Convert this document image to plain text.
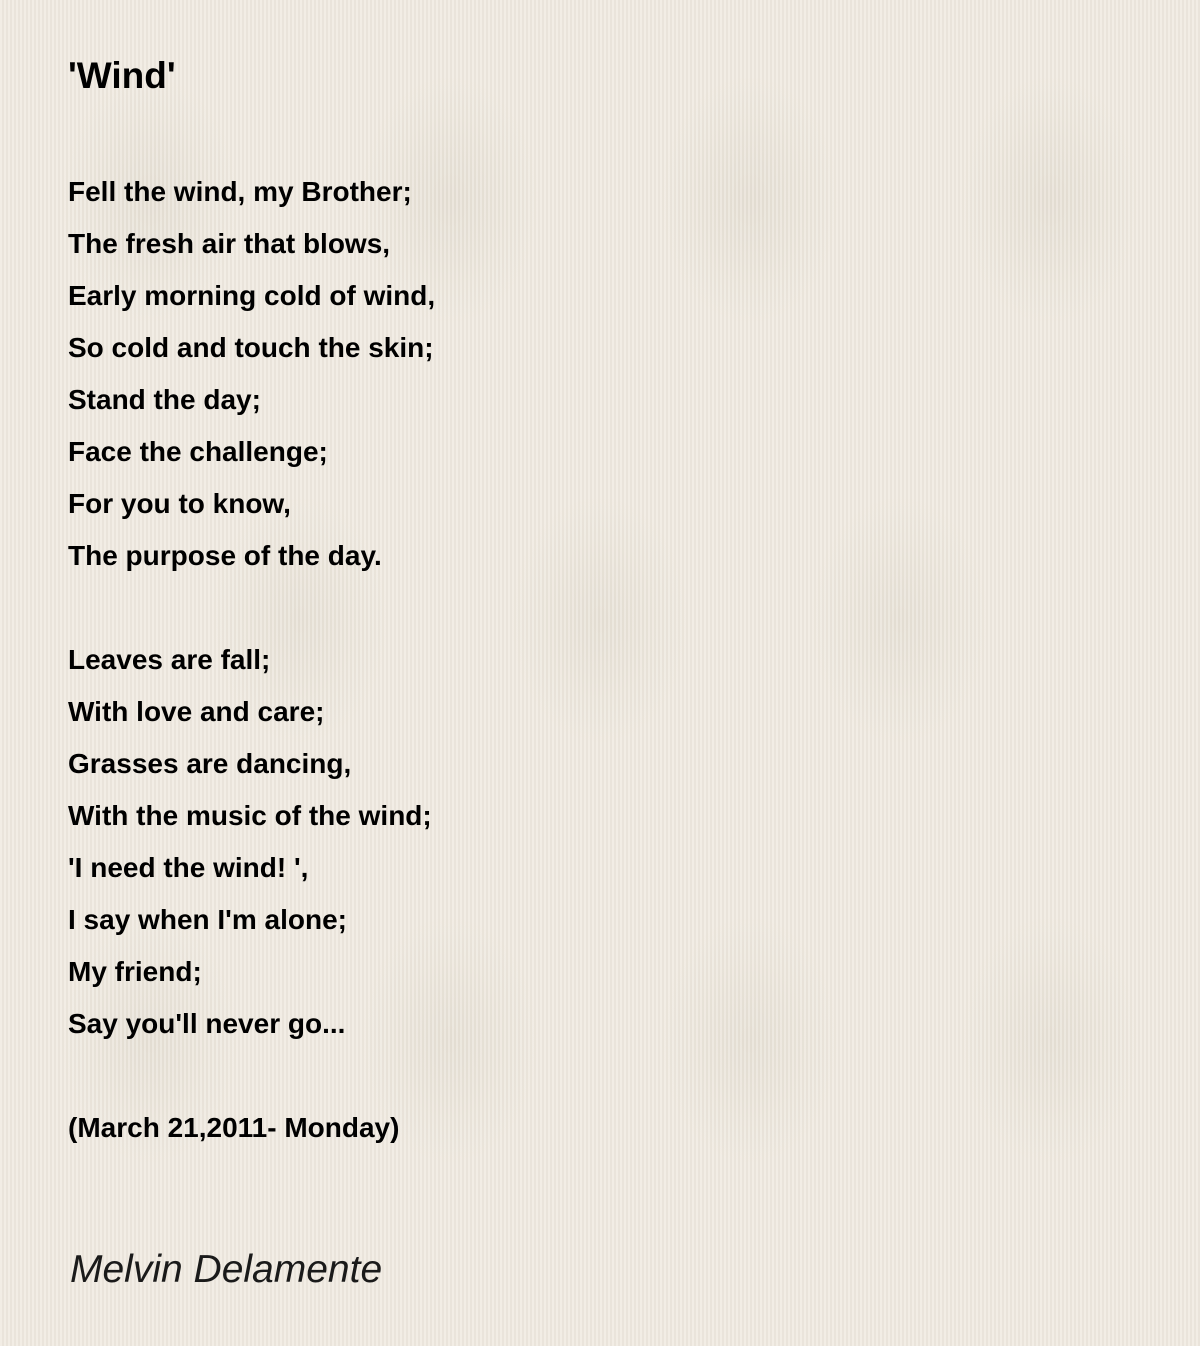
'Wind'
Fell the wind, my Brother;
The fresh air that blows,
Early morning cold of wind,
So cold and touch the skin;
Stand the day;
Face the challenge;
For you to know,
The purpose of the day.
Leaves are fall;
With love and care;
Grasses are dancing,
With the music of the wind;
'I need the wind! ',
I say when I'm alone;
My friend;
Say you'll never go...
(March 21,2011- Monday)
Melvin Delamente
